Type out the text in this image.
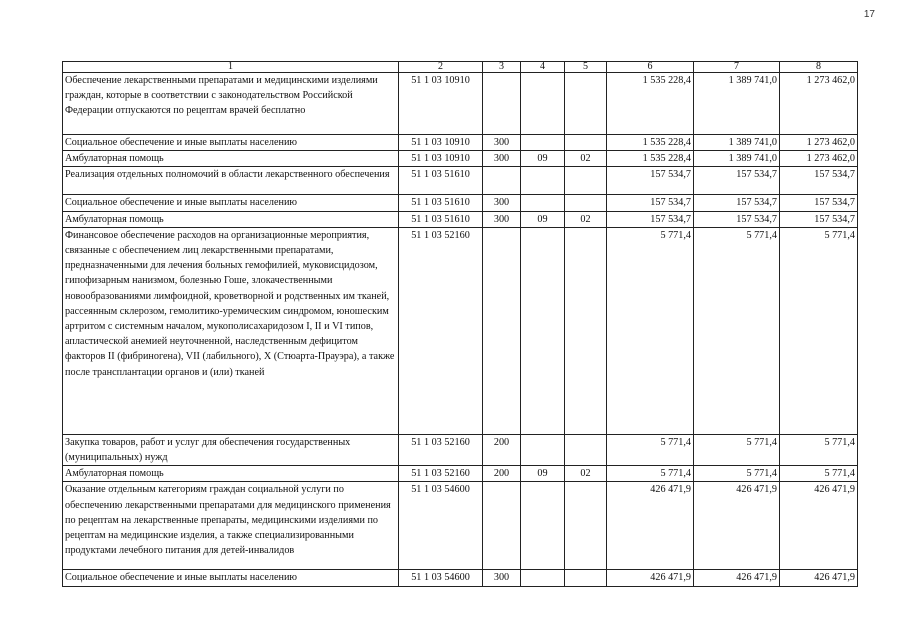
17
1	2	3	4	5	6	7	8
Обеспечение лекарственными препаратами и медицинскими изделиями граждан, которые в соответствии с законодательством Российской Федерации отпускаются по рецептам врачей бесплатно	51 1 03 10910				1 535 228,4	1 389 741,0	1 273 462,0
Социальное обеспечение и иные выплаты населению	51 1 03 10910	300			1 535 228,4	1 389 741,0	1 273 462,0
Амбулаторная помощь	51 1 03 10910	300	09	02	1 535 228,4	1 389 741,0	1 273 462,0
Реализация отдельных полномочий в области лекарственного обеспечения	51 1 03 51610				157 534,7	157 534,7	157 534,7
Социальное обеспечение и иные выплаты населению	51 1 03 51610	300			157 534,7	157 534,7	157 534,7
Амбулаторная помощь	51 1 03 51610	300	09	02	157 534,7	157 534,7	157 534,7
Финансовое обеспечение расходов на организационные мероприятия, связанные с обеспечением лиц лекарственными препаратами, предназначенными для лечения больных гемофилией, муковисцидозом, гипофизарным нанизмом, болезнью Гоше, злокачественными новообразованиями лимфоидной, кроветворной и родственных им тканей, рассеянным склерозом, гемолитико-уремическим синдромом, юношеским артритом с системным началом, мукополисахаридозом I, II и VI типов, апластической анемией неуточненной, наследственным дефицитом факторов II (фибриногена), VII (лабильного), X (Стюарта-Прауэра), а также после трансплантации органов и (или) тканей	51 1 03 52160				5 771,4	5 771,4	5 771,4
Закупка товаров, работ и услуг для обеспечения государственных (муниципальных) нужд	51 1 03 52160	200			5 771,4	5 771,4	5 771,4
Амбулаторная помощь	51 1 03 52160	200	09	02	5 771,4	5 771,4	5 771,4
Оказание отдельным категориям граждан социальной услуги по обеспечению лекарственными препаратами для медицинского применения по рецептам на лекарственные препараты, медицинскими изделиями по рецептам на медицинские изделия, а также специализированными продуктами лечебного питания для детей-инвалидов	51 1 03 54600				426 471,9	426 471,9	426 471,9
Социальное обеспечение и иные выплаты населению	51 1 03 54600	300			426 471,9	426 471,9	426 471,9
